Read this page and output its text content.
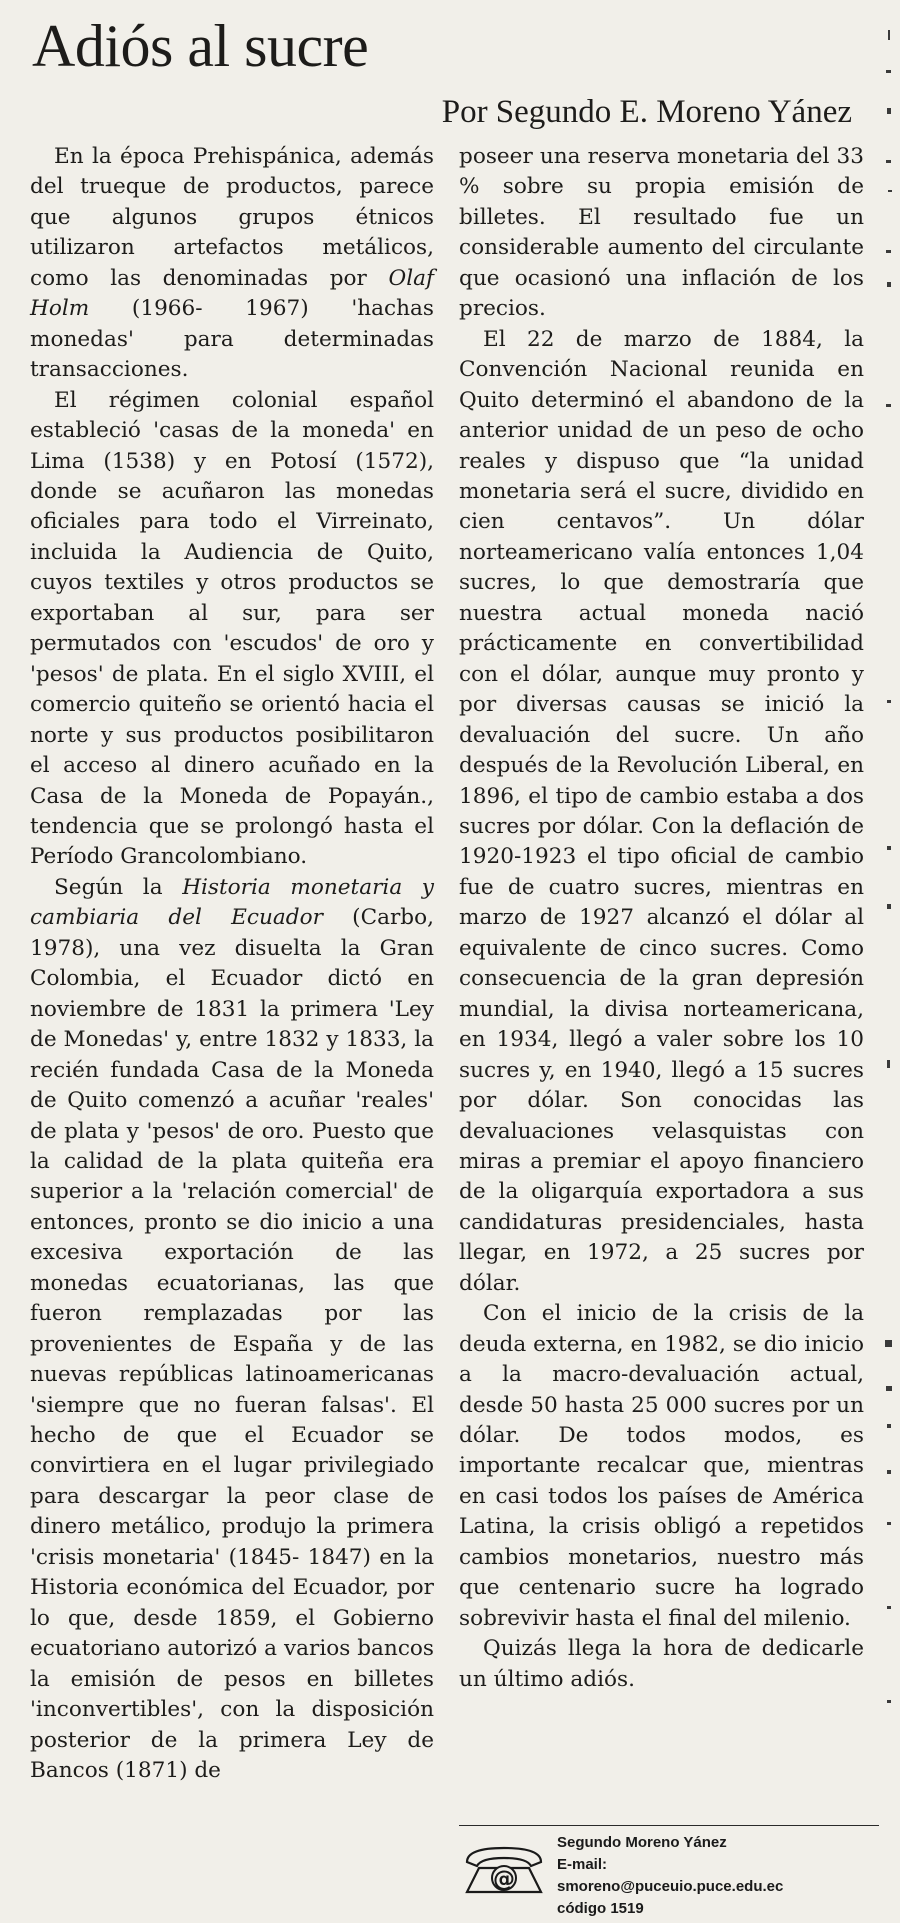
Adiós al sucre
Por Segundo E. Moreno Yánez

En la época Prehispánica, además del trueque de productos, parece que algunos grupos étnicos utilizaron artefactos metálicos, como las denominadas por Olaf Holm (1966- 1967) 'hachas monedas' para determinadas transacciones.

El régimen colonial español estableció 'casas de la moneda' en Lima (1538) y en Potosí (1572), donde se acuñaron las monedas oficiales para todo el Virreinato, incluida la Audiencia de Quito, cuyos textiles y otros productos se exportaban al sur, para ser permutados con 'escudos' de oro y 'pesos' de plata. En el siglo XVIII, el comercio quiteño se orientó hacia el norte y sus productos posibilitaron el acceso al dinero acuñado en la Casa de la Moneda de Popayán., tendencia que se prolongó hasta el Período Grancolombiano.

Según la Historia monetaria y cambiaria del Ecuador (Carbo, 1978), una vez disuelta la Gran Colombia, el Ecuador dictó en noviembre de 1831 la primera 'Ley de Monedas' y, entre 1832 y 1833, la recién fundada Casa de la Moneda de Quito comenzó a acuñar 'reales' de plata y 'pesos' de oro. Puesto que la calidad de la plata quiteña era superior a la 'relación comercial' de entonces, pronto se dio inicio a una excesiva exportación de las monedas ecuatorianas, las que fueron remplazadas por las provenientes de España y de las nuevas repúblicas latinoamericanas 'siempre que no fueran falsas'. El hecho de que el Ecuador se convirtiera en el lugar privilegiado para descargar la peor clase de dinero metálico, produjo la primera 'crisis monetaria' (1845- 1847) en la Historia económica del Ecuador, por lo que, desde 1859, el Gobierno ecuatoriano autorizó a varios bancos la emisión de pesos en billetes 'inconvertibles', con la disposición posterior de la primera Ley de Bancos (1871) de

poseer una reserva monetaria del 33 % sobre su propia emisión de billetes. El resultado fue un considerable aumento del circulante que ocasionó una inflación de los precios.

El 22 de marzo de 1884, la Convención Nacional reunida en Quito determinó el abandono de la anterior unidad de un peso de ocho reales y dispuso que “la unidad monetaria será el sucre, dividido en cien centavos”. Un dólar norteamericano valía entonces 1,04 sucres, lo que demostraría que nuestra actual moneda nació prácticamente en convertibilidad con el dólar, aunque muy pronto y por diversas causas se inició la devaluación del sucre. Un año después de la Revolución Liberal, en 1896, el tipo de cambio estaba a dos sucres por dólar. Con la deflación de 1920-1923 el tipo oficial de cambio fue de cuatro sucres, mientras en marzo de 1927 alcanzó el dólar al equivalente de cinco sucres. Como consecuencia de la gran depresión mundial, la divisa norteamericana, en 1934, llegó a valer sobre los 10 sucres y, en 1940, llegó a 15 sucres por dólar. Son conocidas las devaluaciones velasquistas con miras a premiar el apoyo financiero de la oligarquía exportadora a sus candidaturas presidenciales, hasta llegar, en 1972, a 25 sucres por dólar.

Con el inicio de la crisis de la deuda externa, en 1982, se dio inicio a la macro-devaluación actual, desde 50 hasta 25 000 sucres por un dólar. De todos modos, es importante recalcar que, mientras en casi todos los países de América Latina, la crisis obligó a repetidos cambios monetarios, nuestro más que centenario sucre ha logrado sobrevivir hasta el final del milenio.

Quizás llega la hora de dedicarle un último adiós.

@
Segundo Moreno Yánez
E-mail:
smoreno@puceuio.puce.edu.ec
código 1519
